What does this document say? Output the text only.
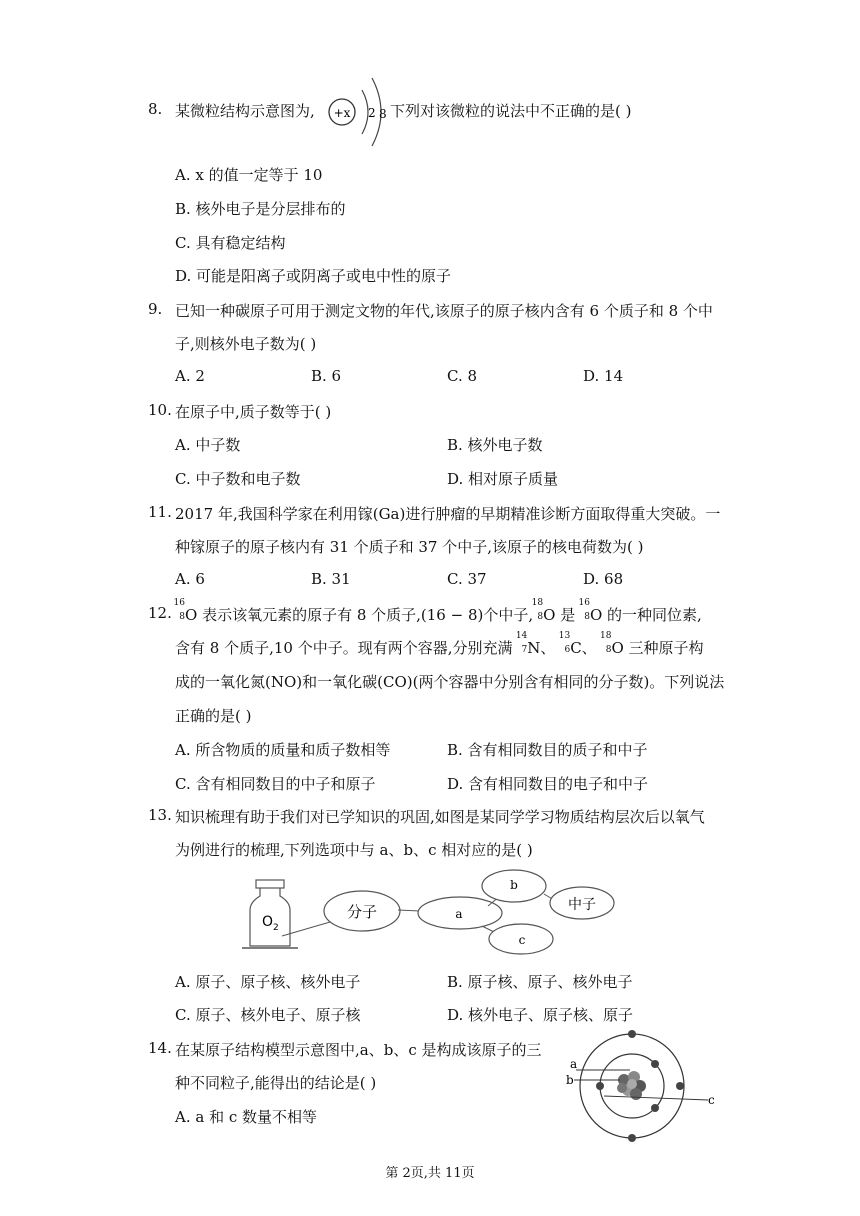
8. 某微粒结构示意图为, +x 2 8 下列对该微粒的说法中不正确的是( )
A. x 的值一定等于 10
B. 核外电子是分层排布的
C. 具有稳定结构
D. 可能是阳离子或阴离子或电中性的原子
9. 已知一种碳原子可用于测定文物的年代,该原子的原子核内含有 6 个质子和 8 个中
子,则核外电子数为( )
A. 2	B. 6	C. 8	D. 14
10. 在原子中,质子数等于( )
A. 中子数	B. 核外电子数
C. 中子数和电子数	D. 相对原子质量
11. 2017 年,我国科学家在利用镓(Ga)进行肿瘤的早期精准诊断方面取得重大突破。一
种镓原子的原子核内有 31 个质子和 37 个中子,该原子的核电荷数为( )
A. 6	B. 31	C. 37	D. 68
12.
16
8 O 表示该氧元素的原子有 8 个质子,(16 − 8)个中子,
18
8 O 是
16
8 O 的一种同位素,
含有 8 个质子,10 个中子。现有两个容器,分别充满
14
7 N、
13
6 C、
18
8 O 三种原子构
成的一氧化氮(NO)和一氧化碳(CO)(两个容器中分别含有相同的分子数)。下列说法
正确的是( )
A. 所含物质的质量和质子数相等	B. 含有相同数目的质子和中子
C. 含有相同数目的中子和原子	D. 含有相同数目的电子和中子
13. 知识梳理有助于我们对已学知识的巩固,如图是某同学学习物质结构层次后以氧气
为例进行的梳理,下列选项中与 a、b、c 相对应的是( )
O 2
分子	a
b
中子
c
A. 原子、原子核、核外电子	B. 原子核、原子、核外电子
C. 原子、核外电子、原子核	D. 核外电子、原子核、原子
14. 在某原子结构模型示意图中,a、b、c 是构成该原子的三
种不同粒子,能得出的结论是( )
A. a 和 c 数量不相等
a
b
c
第 2页,共 11页
